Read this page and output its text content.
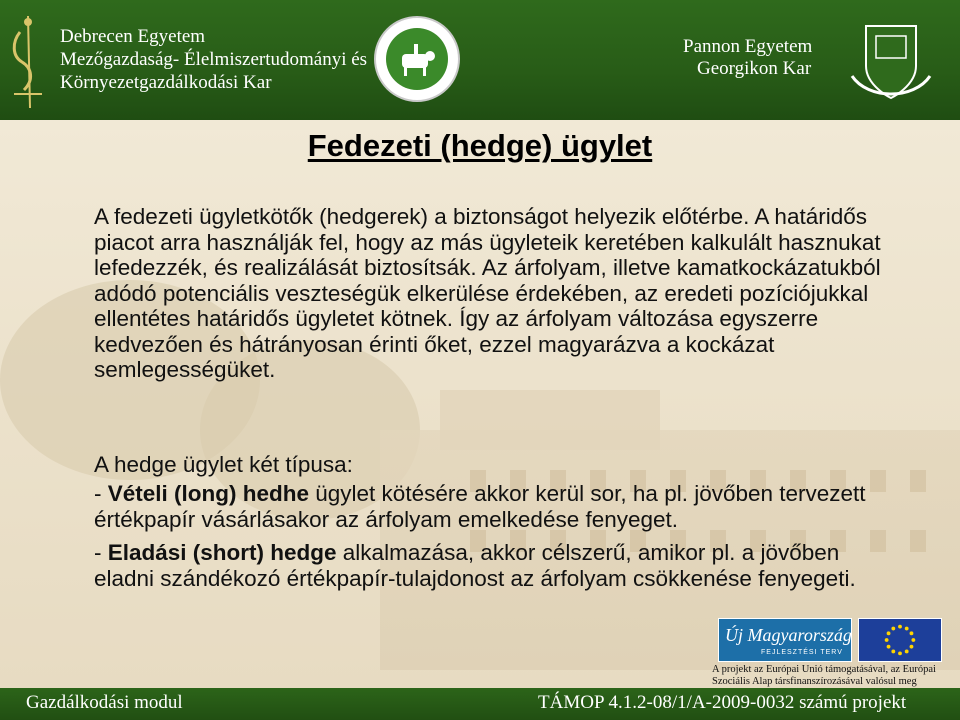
Debrecen Egyetem
Mezőgazdaság- Élelmiszertudományi és
Környezetgazdálkodási Kar
Pannon Egyetem
Georgikon Kar
Fedezeti (hedge) ügylet

A fedezeti ügyletkötők (hedgerek) a biztonságot helyezik előtérbe. A határidős piacot arra használják fel, hogy az más ügyleteik keretében kalkulált hasznukat lefedezzék, és realizálását biztosítsák. Az árfolyam, illetve kamatkockázatukból adódó potenciális veszteségük elkerülése érdekében, az eredeti pozíciójukkal ellentétes határidős ügyletet kötnek. Így az árfolyam változása egyszerre kedvezően és hátrányosan érinti őket, ezzel magyarázva a kockázat semlegességüket.

A hedge ügylet két típusa:

- Vételi (long) hedhe ügylet kötésére akkor kerül sor, ha pl. jövőben tervezett értékpapír vásárlásakor az árfolyam emelkedése fenyeget.

- Eladási (short) hedge alkalmazása, akkor célszerű, amikor pl. a jövőben eladni szándékozó értékpapír-tulajdonost az árfolyam csökkenése fenyegeti.

Új Magyarország
FEJLESZTÉSI TERV
A projekt az Európai Unió támogatásával, az Európai
Szociális Alap társfinanszírozásával valósul meg
Gazdálkodási modul	TÁMOP 4.1.2-08/1/A-2009-0032 számú projekt
